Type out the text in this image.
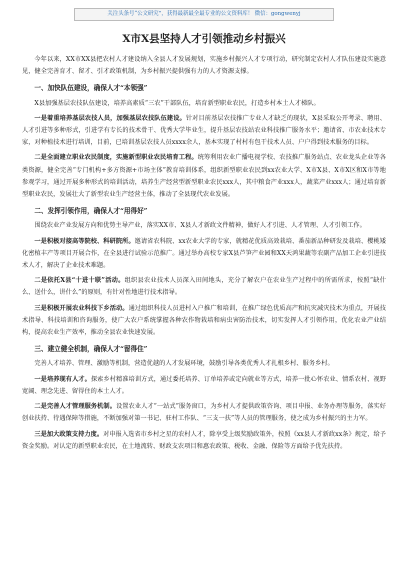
关注头条号“公文研究”，获得最新最全最专业的公文资料库！ 微信：gongwenyj
X市X县坚持人才引领推动乡村振兴

今年以来，XX市XX县把农村人才建设纳入全县人才发展规划，实施乡村振兴人才专项行动，研究制定农村人才队伍建设实施意见，健全完善育才、留才、引才政策机制，为乡村振兴提供强有力的人才资源支撑。

一、加快队伍建设，确保人才“本领强”

X县加强基层农技队伍建设，培养高素质“三农”干部队伍，培育新型职业农民，打造乡村本土人才梯队。

一是着重培养基层农技人员，加强基层农技队伍建设。针对目前基层农技推广专业人才缺乏的现状，X县采取公开考录、聘用、人才引进等多种形式，引进学有专长的技术骨干、优秀大学毕业生，提升基层农技站农业科技推广服务水平；邀请省、市农业技术专家，对种植技术进行培训，目前，已培训基层农技人员xxxx余人，基本实现了村村有包干技术人员、户户得到技术服务的目标。

二是全面建立职业农民制度，实施新型职业农民培育工程。统筹利用农业广播电视学校、农技推广服务站点、农业龙头企业等各类资源，健全完善“专门机构+多方资源+市场主体”教育培训体系，组织新型职业农民到xx农业大学、X市X县、X市X区和X市等地参观学习，通过开展多种形式的培训活动，培养生产经营型新型职业农民xxx人，其中粮食产业xxx人，蔬菜产业xxx人；通过培育新型职业农民，发展壮大了新型农业生产经营主体，推动了全县现代农业发展。

二、发挥引领作用，确保人才“用得好”

围绕农业产业发展方向和优势主导产业，落实XX市、X县人才新政文件精神，做好人才引进、人才管理、人才引领工作。

一是积极对接高等院校、科研院所。邀请省农科院、xx农业大学的专家，就精花优质高效栽培、番茄新品种研发及栽培、樱桃矮化密植丰产等项目开展合作，在全县进行试验示范推广。通过举办高校专家X县芦笋产业园和XX天鸿果蔬等农副产品加工企业引进技术人才，解决了企业技术难题。

二是依托X县“十进十联”活动。组织县农业技术人员深入田间地头，充分了解农户在农业生产过程中的所需所求，按照“缺什么、送什么，讲什么”的原则，有针对性地进行技术指导。

三是积极开展农业科技下乡活动。通过组织科技人员进村入户推广和培训，在推广绿色优质高产和抗灾减灾技术为重点，开展技术指导、科技培训和咨询服务，使广大农户系统掌握各种农作物栽培和病虫害防治技术，切实发挥人才引领作用，优化农业产业结构，提高农业生产效率，推动全县农业快速发展。

三、建立健全机制，确保人才“留得住”

完善人才培养、管理、激励等机制，营造优越的人才发展环境，鼓励引导各类优秀人才扎根乡村、服务乡村。

一是培养现有人才。探索乡村精准培训方式，通过委托培养、订单培养或定向就业等方式，培养一批心怀农业、情系农村、视野宽阔、理念先进、留得住的本土人才。

二是完善人才管理服务机制。设置农业人才“一站式”服务窗口，为乡村人才提供政策咨询、项目申报、业务办理等服务，落实好创业扶持、待遇保障等措施，不断加强对第一书记、驻村工作队、“三支一扶”等人员的管理服务，使之成为乡村振兴的主力军。

三是加大政策支持力度。对申报入选省市乡村之星的农村人才，除享受上级奖励政策外，按照《xx县人才新政xx条》规定，给予资金奖励。对认定的新型职业农民，在土地流转、财政支农项目和惠农政策、税收、金融、保险等方面给予优先扶持。
